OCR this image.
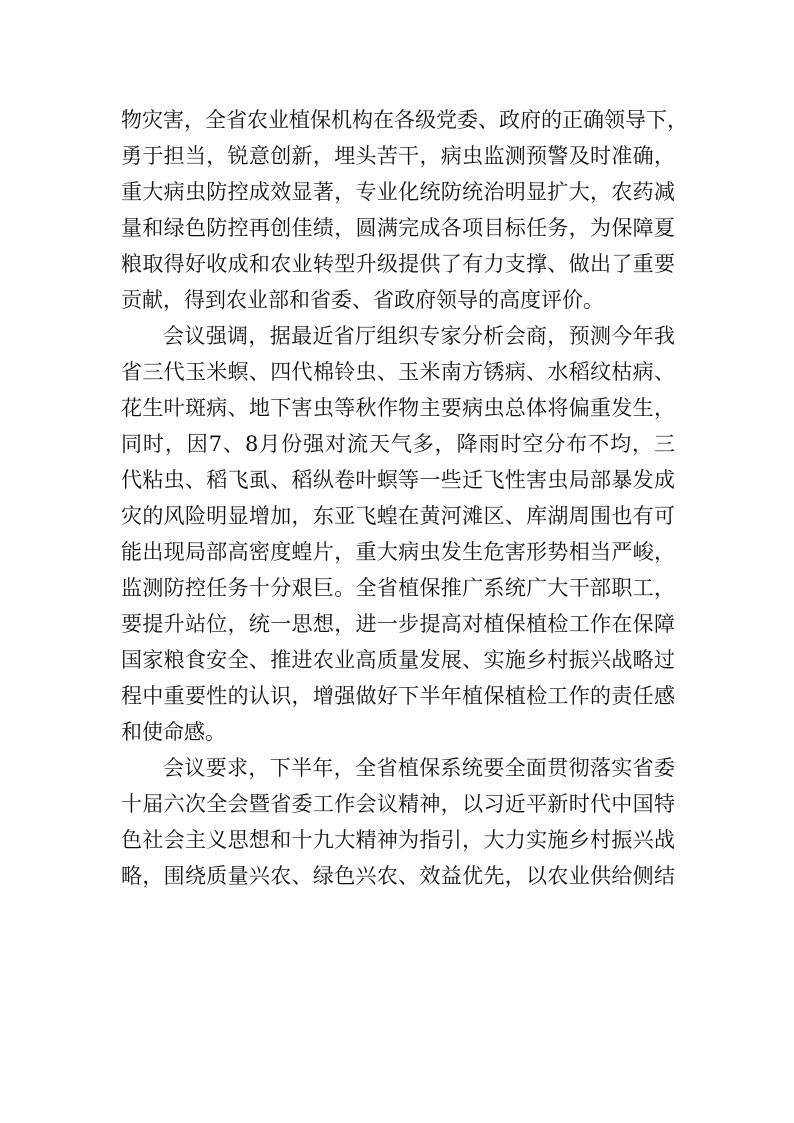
物灾害，全省农业植保机构在各级党委、政府的正确领导下，
勇于担当，锐意创新，埋头苦干，病虫监测预警及时准确，
重大病虫防控成效显著，专业化统防统治明显扩大，农药减
量和绿色防控再创佳绩，圆满完成各项目标任务，为保障夏
粮取得好收成和农业转型升级提供了有力支撑、做出了重要
贡献，得到农业部和省委、省政府领导的高度评价。
会议强调，据最近省厅组织专家分析会商，预测今年我
省三代玉米螟、四代棉铃虫、玉米南方锈病、水稻纹枯病、
花生叶斑病、地下害虫等秋作物主要病虫总体将偏重发生，
同时，因7、8月份强对流天气多，降雨时空分布不均，三
代粘虫、稻飞虱、稻纵卷叶螟等一些迁飞性害虫局部暴发成
灾的风险明显增加，东亚飞蝗在黄河滩区、库湖周围也有可
能出现局部高密度蝗片，重大病虫发生危害形势相当严峻，
监测防控任务十分艰巨。全省植保推广系统广大干部职工，
要提升站位，统一思想，进一步提高对植保植检工作在保障
国家粮食安全、推进农业高质量发展、实施乡村振兴战略过
程中重要性的认识，增强做好下半年植保植检工作的责任感
和使命感。
会议要求，下半年，全省植保系统要全面贯彻落实省委
十届六次全会暨省委工作会议精神，以习近平新时代中国特
色社会主义思想和十九大精神为指引，大力实施乡村振兴战
略，围绕质量兴农、绿色兴农、效益优先，以农业供给侧结
